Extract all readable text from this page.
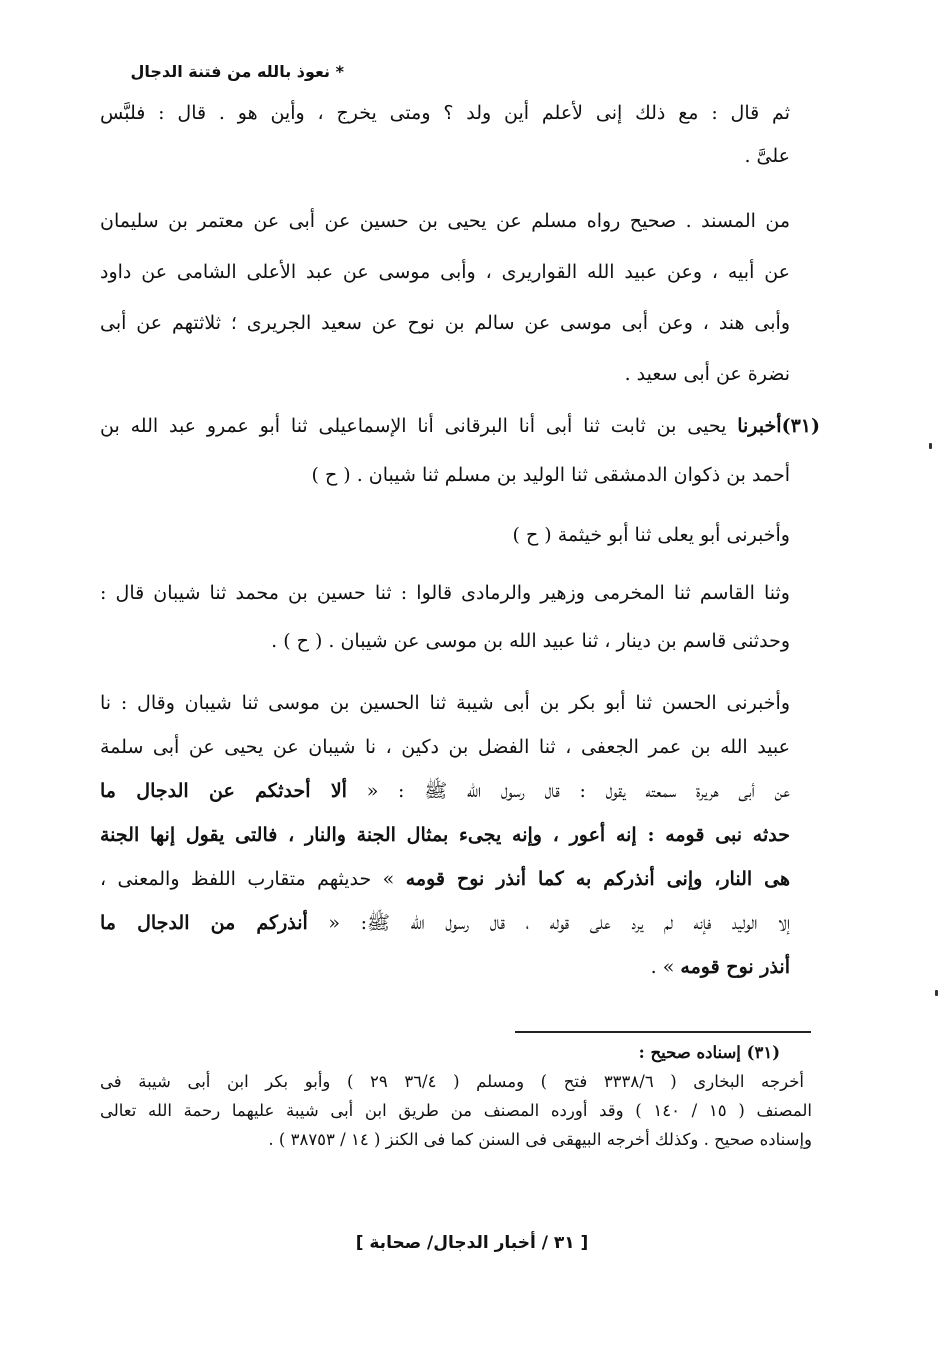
* نعوذ بالله من فتنة الدجال
ثم قال : مع ذلك إنى لأعلم أين ولد ؟ ومتى يخرج ، وأين هو . قال : فلبَّس
علىَّ .
من المسند . صحيح رواه مسلم عن يحيى بن حسين عن أبى عن معتمر بن سليمان
عن أبيه ، وعن عبيد الله القواريرى ، وأبى موسى عن عبد الأعلى الشامى عن داود
وأبى هند ، وعن أبى موسى عن سالم بن نوح عن سعيد الجريرى ؛ ثلاثتهم عن أبى
نضرة عن أبى سعيد .
(٣١)أخبرنا يحيى بن ثابت ثنا أبى أنا البرقانى أنا الإسماعيلى ثنا أبو عمرو عبد الله بن
أحمد بن ذكوان الدمشقى ثنا الوليد بن مسلم ثنا شيبان . ( ح )
وأخبرنى أبو يعلى ثنا أبو خيثمة ( ح )
وثنا القاسم ثنا المخرمى وزهير والرمادى قالوا : ثنا حسين بن محمد ثنا شيبان قال :
وحدثنى قاسم بن دينار ، ثنا عبيد الله بن موسى عن شيبان . ( ح ) .
وأخبرنى الحسن ثنا أبو بكر بن أبى شيبة ثنا الحسين بن موسى ثنا شيبان وقال : نا
عبيد الله بن عمر الجعفى ، ثنا الفضل بن دكين ، نا شيبان عن يحيى عن أبى سلمة
عن أبى هريرة سمعته يقول : قال رسول الله ﷺ : « ألا أحدثكم عن الدجال ما
حدثه نبى قومه : إنه أعور ، وإنه يجىء بمثال الجنة والنار ، فالتى يقول إنها الجنة
هى النار، وإنى أنذركم به كما أنذر نوح قومه » حديثهم متقارب اللفظ والمعنى ،
إلا الوليد فإنه لم يرد على قوله ، قال رسول الله ﷺ: « أنذركم من الدجال ما
أنذر نوح قومه » .
(٣١) إسناده صحيح :
أخرجه البخارى ( ٣٣٣٨/٦ فتح ) ومسلم ( ٣٦/٤ ٢٩ ) وأبو بكر ابن أبى شيبة فى
المصنف ( ١٥ / ١٤٠ ) وقد أورده المصنف من طريق ابن أبى شيبة عليهما رحمة الله تعالى
وإسناده صحيح . وكذلك أخرجه البيهقى فى السنن كما فى الكنز ( ١٤ / ٣٨٧٥٣ ) .
[ ٣١ / أخبار الدجال/ صحابة ]
